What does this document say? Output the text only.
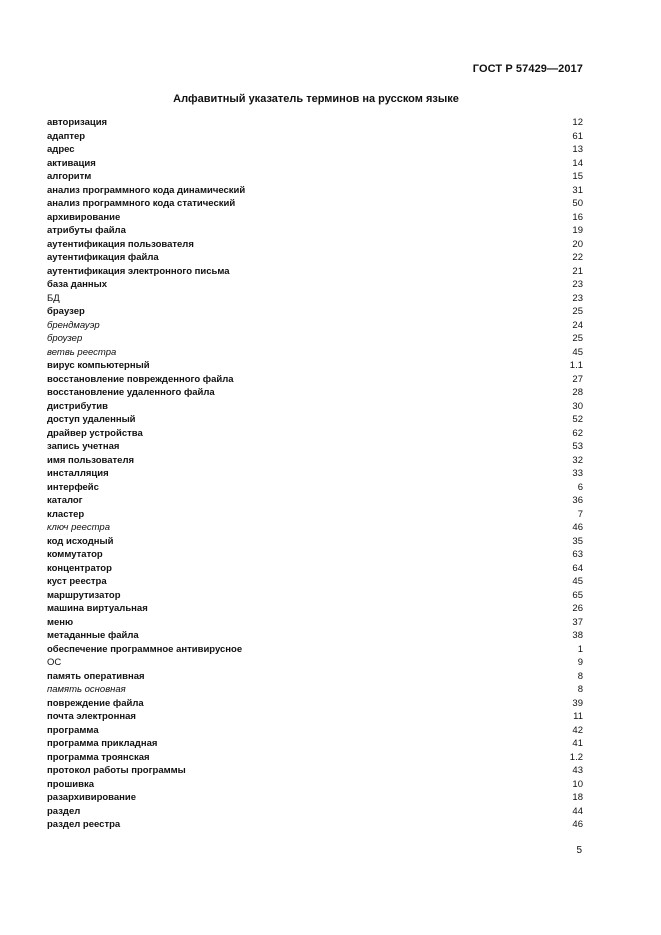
ГОСТ Р 57429—2017
Алфавитный указатель терминов на русском языке
авторизация	12
адаптер	61
адрес	13
активация	14
алгоритм	15
анализ программного кода динамический	31
анализ программного кода статический	50
архивирование	16
атрибуты файла	19
аутентификация пользователя	20
аутентификация файла	22
аутентификация электронного письма	21
база данных	23
БД	23
браузер	25
брендмауэр	24
броузер	25
ветвь реестра	45
вирус компьютерный	1.1
восстановление поврежденного файла	27
восстановление удаленного файла	28
дистрибутив	30
доступ удаленный	52
драйвер устройства	62
запись учетная	53
имя пользователя	32
инсталляция	33
интерфейс	6
каталог	36
кластер	7
ключ реестра	46
код исходный	35
коммутатор	63
концентратор	64
куст реестра	45
маршрутизатор	65
машина виртуальная	26
меню	37
метаданные файла	38
обеспечение программное антивирусное	1
ОС	9
память оперативная	8
память основная	8
повреждение файла	39
почта электронная	11
программа	42
программа прикладная	41
программа троянская	1.2
протокол работы программы	43
прошивка	10
разархивирование	18
раздел	44
раздел реестра	46
5
